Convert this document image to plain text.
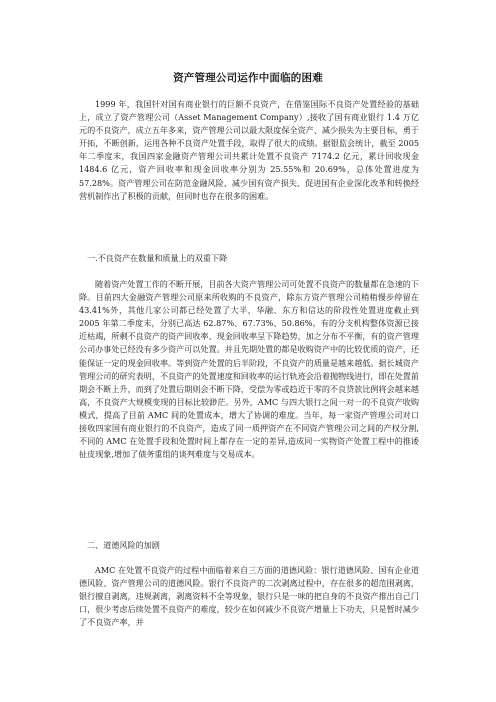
资产管理公司运作中面临的困难

1999 年，我国针对国有商业银行的巨额不良资产，在借鉴国际不良资产处置经验的基础上，成立了资产管理公司（Asset Management Company）,接收了国有商业银行 1.4 万亿元的不良资产，成立五年多来，资产管理公司以最大限度保全资产、减少损失为主要目标，勇于开拓，不断创新，运用各种不良资产处置手段，取得了很大的成绩。据银监会统计，截至 2005 年二季度末，我国四家金融资产管理公司共累计处置不良资产 7174.2 亿元，累计回收现金 1484.6 亿元，资产回收率和现金回收率分别为 25.55%和 20.69%，总体处置进度为 57.28%。资产管理公司在防范金融风险、减少国有资产损失、促进国有企业深化改革和转换经营机制作出了积极的贡献，但同时也存在很多的困难。

一.不良资产在数量和质量上的双重下降

随着资产处置工作的不断开展，目前各大资产管理公司可处置不良资产的数量都在急速的下降。目前四大金融资产管理公司原来所收购的不良资产，除东方资产管理公司稍稍慢步停留在 43.41%外，其他几家公司都已经处置了大半，华融、东方和信达的阶段性处置进度截止到 2005 年第二季度末，分别已高达 62.87%、67.73%、50.86%。有的分支机构整体资源已接近枯竭，所剩不良资产的资产回收率、现金回收率呈下降趋势，加之分布不平衡，有的资产管理公司办事处已经没有多少资产可以处置。并且先期处置的都是收购资产中的比较优质的资产，还能保证一定的现金回收率。等到资产处置的后半阶段，不良资产的质量是越来越低。据长城资产管理公司的研究表明，不良资产的处置速度和回收率的运行轨迹会沿着抛物线进行，即在处置前期会不断上升，而到了处置后期则会不断下降，受偿为零或趋近于零的不良贷款比例将会越来越高，不良资产大规模变现的目标比较渺茫。另外，AMC 与四大银行之间一对一的不良资产收购模式，提高了目前 AMC 间的处置成本，增大了协调的难度。当年，每一家资产管理公司对口接收四家国有商业银行的不良资产，造成了同一质押资产在不同资产管理公司之间的产权分割,不同的 AMC 在处置手段和处置时间上都存在一定的差异,造成同一实物资产处置工程中的推诿扯皮现象,增加了债务重组的谈判难度与交易成本。

二、道德风险的加剧

AMC 在处置不良资产的过程中面临着来自三方面的道德风险：银行道德风险、国有企业道德风险、资产管理公司的道德风险。银行不良资产的二次剥离过程中，存在很多的超范围剥离，银行擅自剥离，违规剥离，剥离资料不全等现象，银行只是一味的把自身的不良资产推出自己门口，很少考虑后续处置不良资产的难度，较少在如何减少不良资产增量上下功夫，只是暂时减少了不良资产率，并
